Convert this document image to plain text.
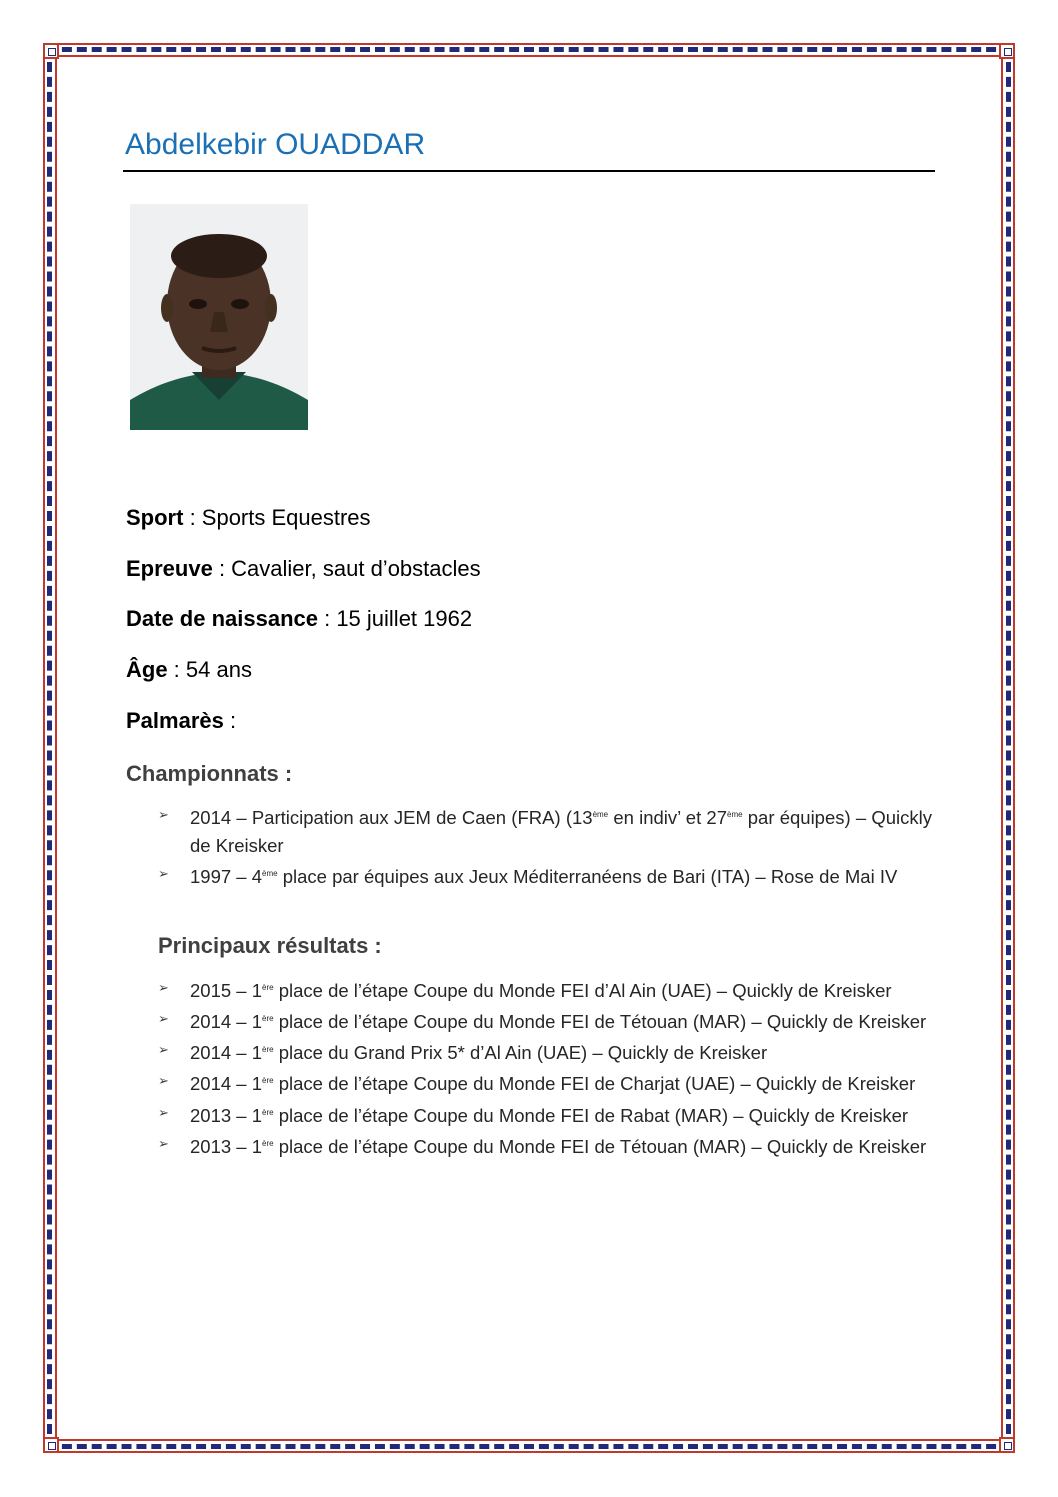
Abdelkebir OUADDAR
Sport : Sports Equestres
Epreuve : Cavalier, saut d’obstacles
Date de naissance : 15 juillet 1962
Âge : 54 ans
Palmarès :
Championnats :
➢ 2014 – Participation aux JEM de Caen (FRA) (13ème en indiv’ et 27ème par équipes) – Quickly de Kreisker
➢ 1997 – 4ème place par équipes aux Jeux Méditerranéens de Bari (ITA) – Rose de Mai IV
Principaux résultats :
➢ 2015 – 1ère place de l’étape Coupe du Monde FEI d’Al Ain (UAE) – Quickly de Kreisker
➢ 2014 – 1ère place de l’étape Coupe du Monde FEI de Tétouan (MAR) – Quickly de Kreisker
➢ 2014 – 1ère place du Grand Prix 5* d’Al Ain (UAE) – Quickly de Kreisker
➢ 2014 – 1ère place de l’étape Coupe du Monde FEI de Charjat (UAE) – Quickly de Kreisker
➢ 2013 – 1ère place de l’étape Coupe du Monde FEI de Rabat (MAR) – Quickly de Kreisker
➢ 2013 – 1ère place de l’étape Coupe du Monde FEI de Tétouan (MAR) – Quickly de Kreisker
